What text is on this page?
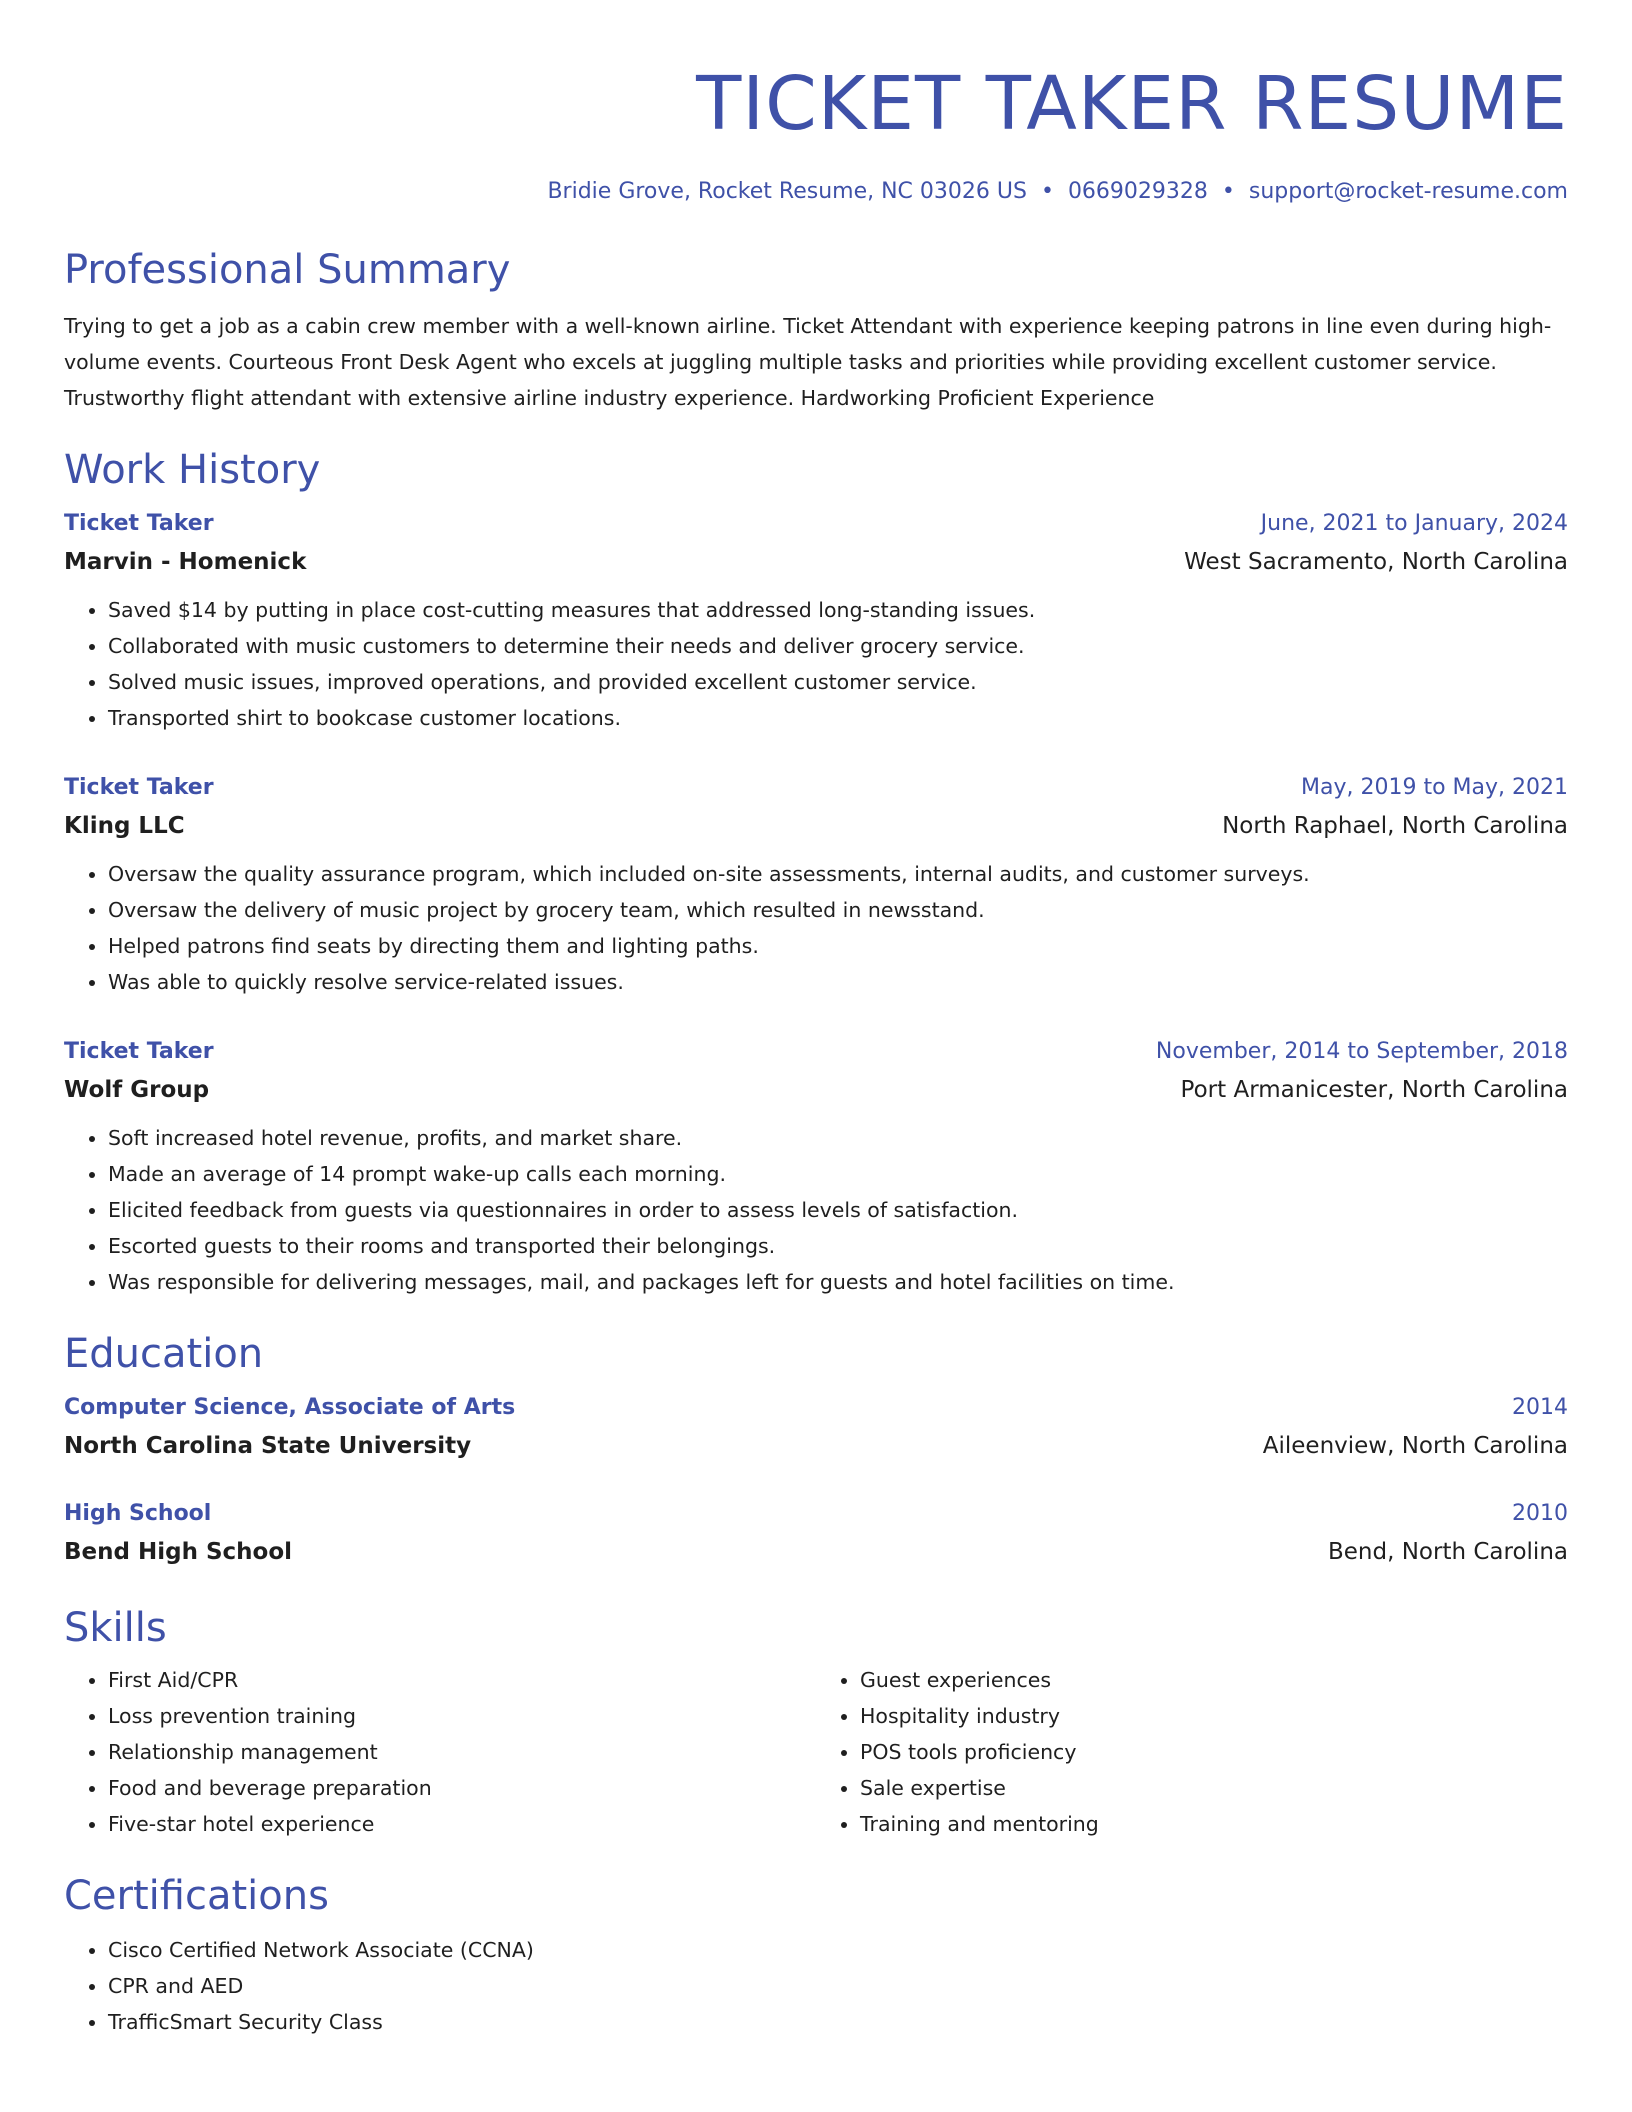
TICKET TAKER RESUME
Bridie Grove, Rocket Resume, NC 03026 US • 0669029328 • support@rocket-resume.com
Professional Summary

Trying to get a job as a cabin crew member with a well-known airline. Ticket Attendant with experience keeping patrons in line even during high-volume events. Courteous Front Desk Agent who excels at juggling multiple tasks and priorities while providing excellent customer service. Trustworthy flight attendant with extensive airline industry experience. Hardworking Proficient Experience

Work History
Ticket Taker	June, 2021 to January, 2024
Marvin - Homenick	West Sacramento, North Carolina
• Saved $14 by putting in place cost-cutting measures that addressed long-standing issues.
• Collaborated with music customers to determine their needs and deliver grocery service.
• Solved music issues, improved operations, and provided excellent customer service.
• Transported shirt to bookcase customer locations.
Ticket Taker	May, 2019 to May, 2021
Kling LLC	North Raphael, North Carolina
• Oversaw the quality assurance program, which included on-site assessments, internal audits, and customer surveys.
• Oversaw the delivery of music project by grocery team, which resulted in newsstand.
• Helped patrons find seats by directing them and lighting paths.
• Was able to quickly resolve service-related issues.
Ticket Taker	November, 2014 to September, 2018
Wolf Group	Port Armanicester, North Carolina
• Soft increased hotel revenue, profits, and market share.
• Made an average of 14 prompt wake-up calls each morning.
• Elicited feedback from guests via questionnaires in order to assess levels of satisfaction.
• Escorted guests to their rooms and transported their belongings.
• Was responsible for delivering messages, mail, and packages left for guests and hotel facilities on time.
Education
Computer Science, Associate of Arts	2014
North Carolina State University	Aileenview, North Carolina
High School	2010
Bend High School	Bend, North Carolina
Skills
• First Aid/CPR
• Loss prevention training
• Relationship management
• Food and beverage preparation
• Five-star hotel experience
• Guest experiences
• Hospitality industry
• POS tools proficiency
• Sale expertise
• Training and mentoring
Certifications
• Cisco Certified Network Associate (CCNA)
• CPR and AED
• TrafficSmart Security Class
